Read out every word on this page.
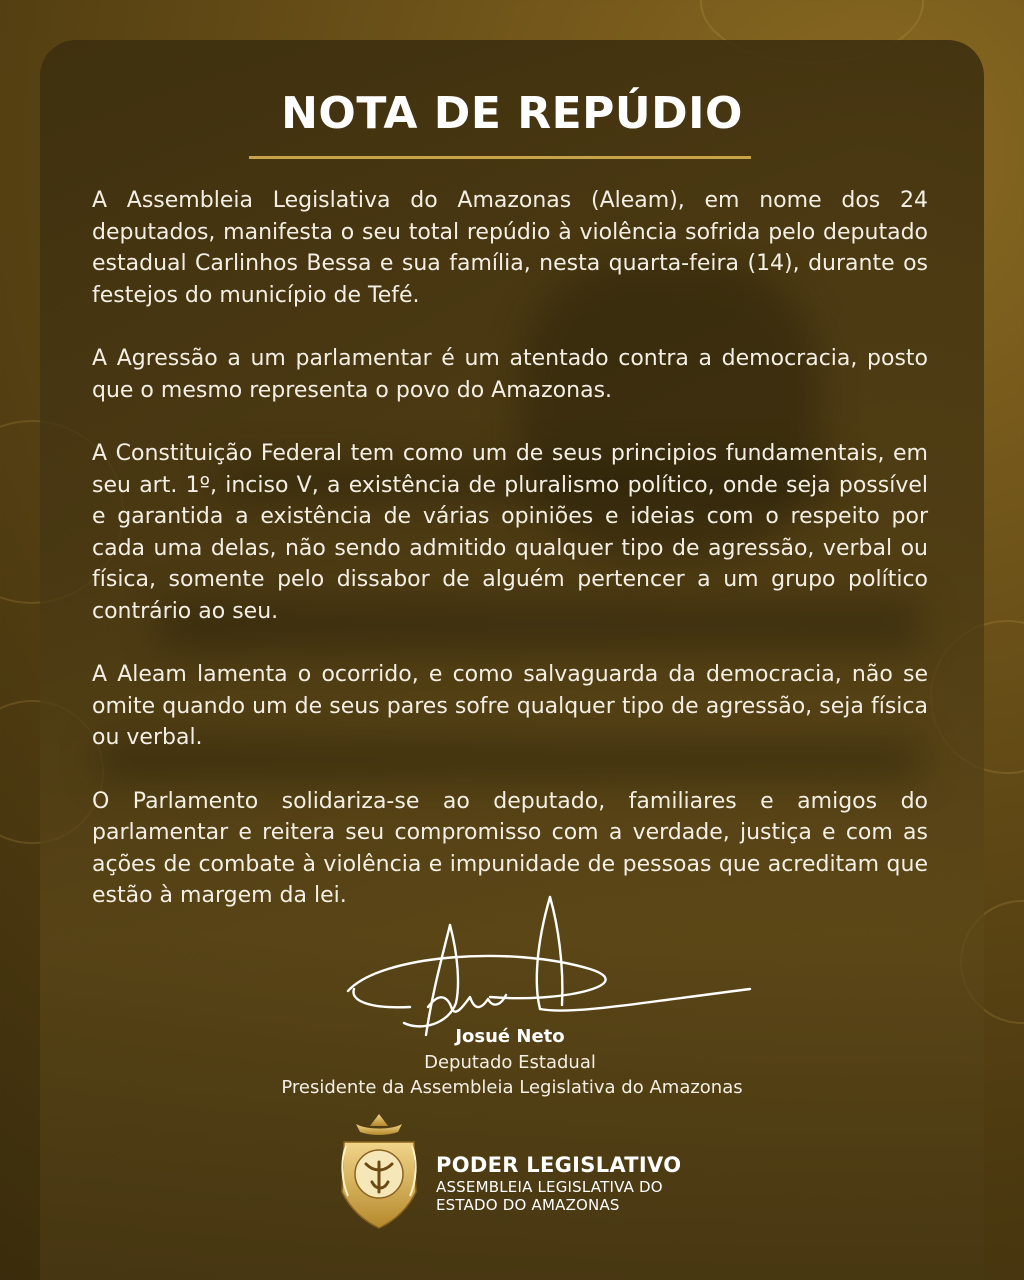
NOTA DE REPÚDIO

A Assembleia Legislativa do Amazonas (Aleam), em nome dos 24 deputados, manifesta o seu total repúdio à violência sofrida pelo deputado estadual Carlinhos Bessa e sua família, nesta quarta-feira (14), durante os festejos do município de Tefé.

A Agressão a um parlamentar é um atentado contra a democracia, posto que o mesmo representa o povo do Amazonas.

A Constituição Federal tem como um de seus principios fundamentais, em seu art. 1º, inciso V, a existência de pluralismo político, onde seja possível e garantida a existência de várias opiniões e ideias com o respeito por cada uma delas, não sendo admitido qualquer tipo de agressão, verbal ou física, somente pelo dissabor de alguém pertencer a um grupo político contrário ao seu.

A Aleam lamenta o ocorrido, e como salvaguarda da democracia, não se omite quando um de seus pares sofre qualquer tipo de agressão, seja física ou verbal.

O Parlamento solidariza-se ao deputado, familiares e amigos do parlamentar e reitera seu compromisso com a verdade, justiça e com as ações de combate à violência e impunidade de pessoas que acreditam que estão à margem da lei.

Josué Neto
Deputado Estadual
Presidente da Assembleia Legislativa do Amazonas
PODER LEGISLATIVO
ASSEMBLEIA LEGISLATIVA DO
ESTADO DO AMAZONAS
